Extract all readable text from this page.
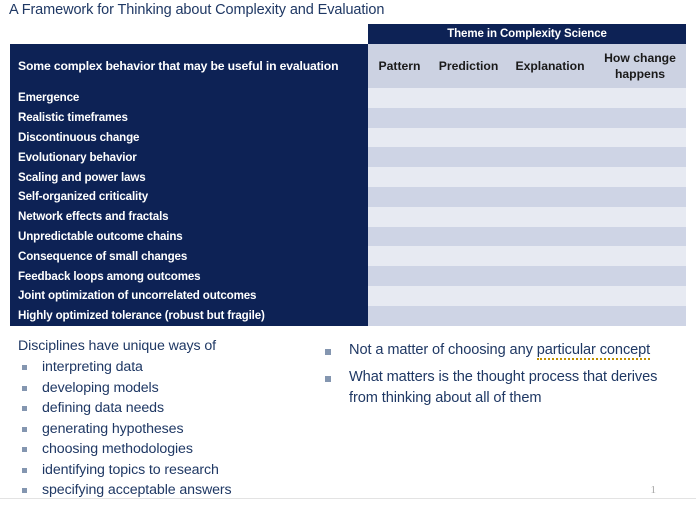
A Framework for Thinking about Complexity and Evaluation
	Theme in Complexity Science			
Some complex behavior that may be useful in evaluation	Pattern	Prediction	Explanation	How change happens
Emergence				
Realistic timeframes				
Discontinuous change				
Evolutionary behavior				
Scaling and power laws				
Self-organized criticality				
Network effects and fractals				
Unpredictable outcome chains				
Consequence of small changes				
Feedback loops among outcomes				
Joint optimization of uncorrelated outcomes				
Highly optimized tolerance (robust but fragile)				
Disciplines have unique ways of
interpreting data
developing models
defining data needs
generating hypotheses
choosing methodologies
identifying topics to research
specifying acceptable answers
Not a matter of choosing any particular concept
What matters is the thought process that derives from thinking about all of them
1
